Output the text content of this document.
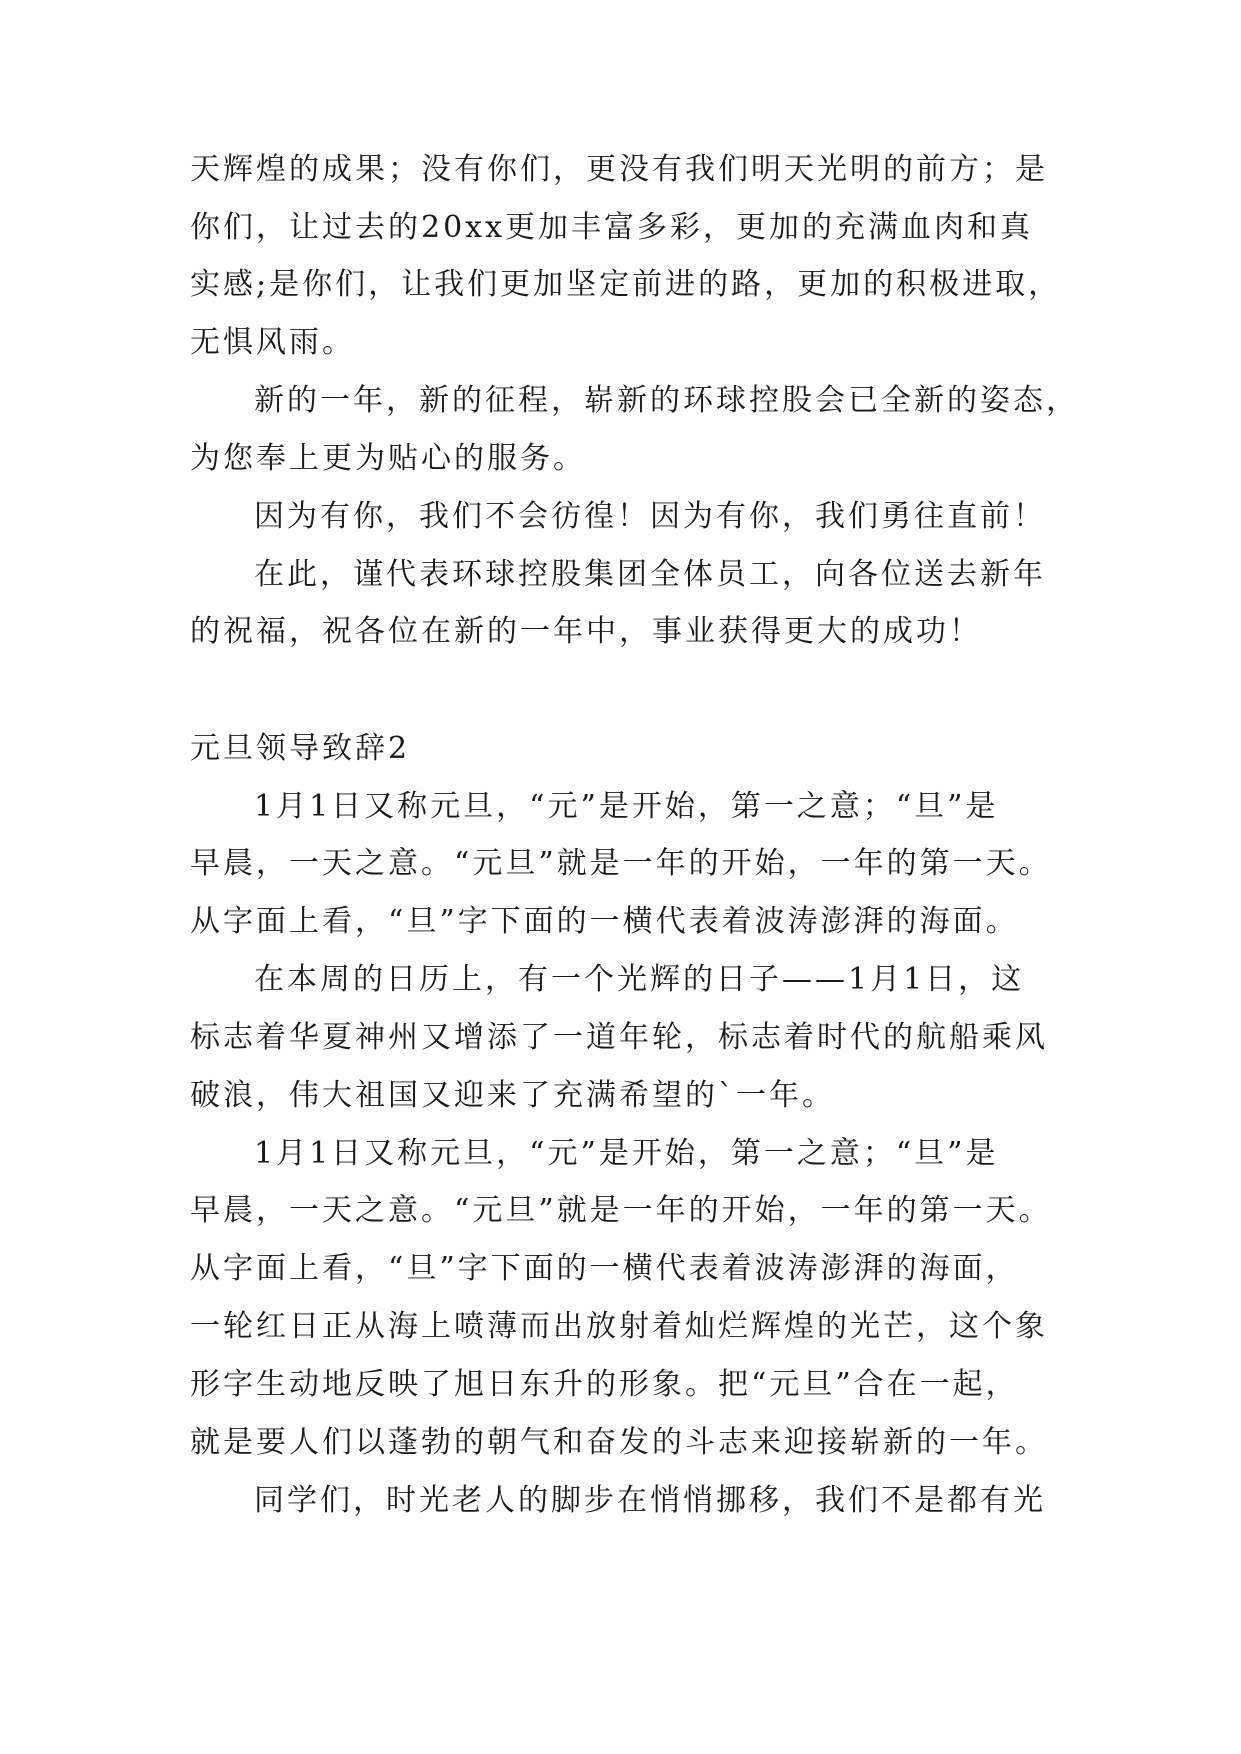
天辉煌的成果；没有你们，更没有我们明天光明的前方；是
你们，让过去的20xx更加丰富多彩，更加的充满血肉和真
实感;是你们，让我们更加坚定前进的路，更加的积极进取，
无惧风雨。
新的一年，新的征程，崭新的环球控股会已全新的姿态，
为您奉上更为贴心的服务。
因为有你，我们不会彷徨！因为有你，我们勇往直前！
在此，谨代表环球控股集团全体员工，向各位送去新年
的祝福，祝各位在新的一年中，事业获得更大的成功！
元旦领导致辞2
1月1日又称元旦，“元”是开始，第一之意；“旦”是
早晨，一天之意。“元旦”就是一年的开始，一年的第一天。
从字面上看，“旦”字下面的一横代表着波涛澎湃的海面。
在本周的日历上，有一个光辉的日子——1月1日，这
标志着华夏神州又增添了一道年轮，标志着时代的航船乘风
破浪，伟大祖国又迎来了充满希望的`一年。
1月1日又称元旦，“元”是开始，第一之意；“旦”是
早晨，一天之意。“元旦”就是一年的开始，一年的第一天。
从字面上看，“旦”字下面的一横代表着波涛澎湃的海面，
一轮红日正从海上喷薄而出放射着灿烂辉煌的光芒，这个象
形字生动地反映了旭日东升的形象。把“元旦”合在一起，
就是要人们以蓬勃的朝气和奋发的斗志来迎接崭新的一年。
同学们，时光老人的脚步在悄悄挪移，我们不是都有光
